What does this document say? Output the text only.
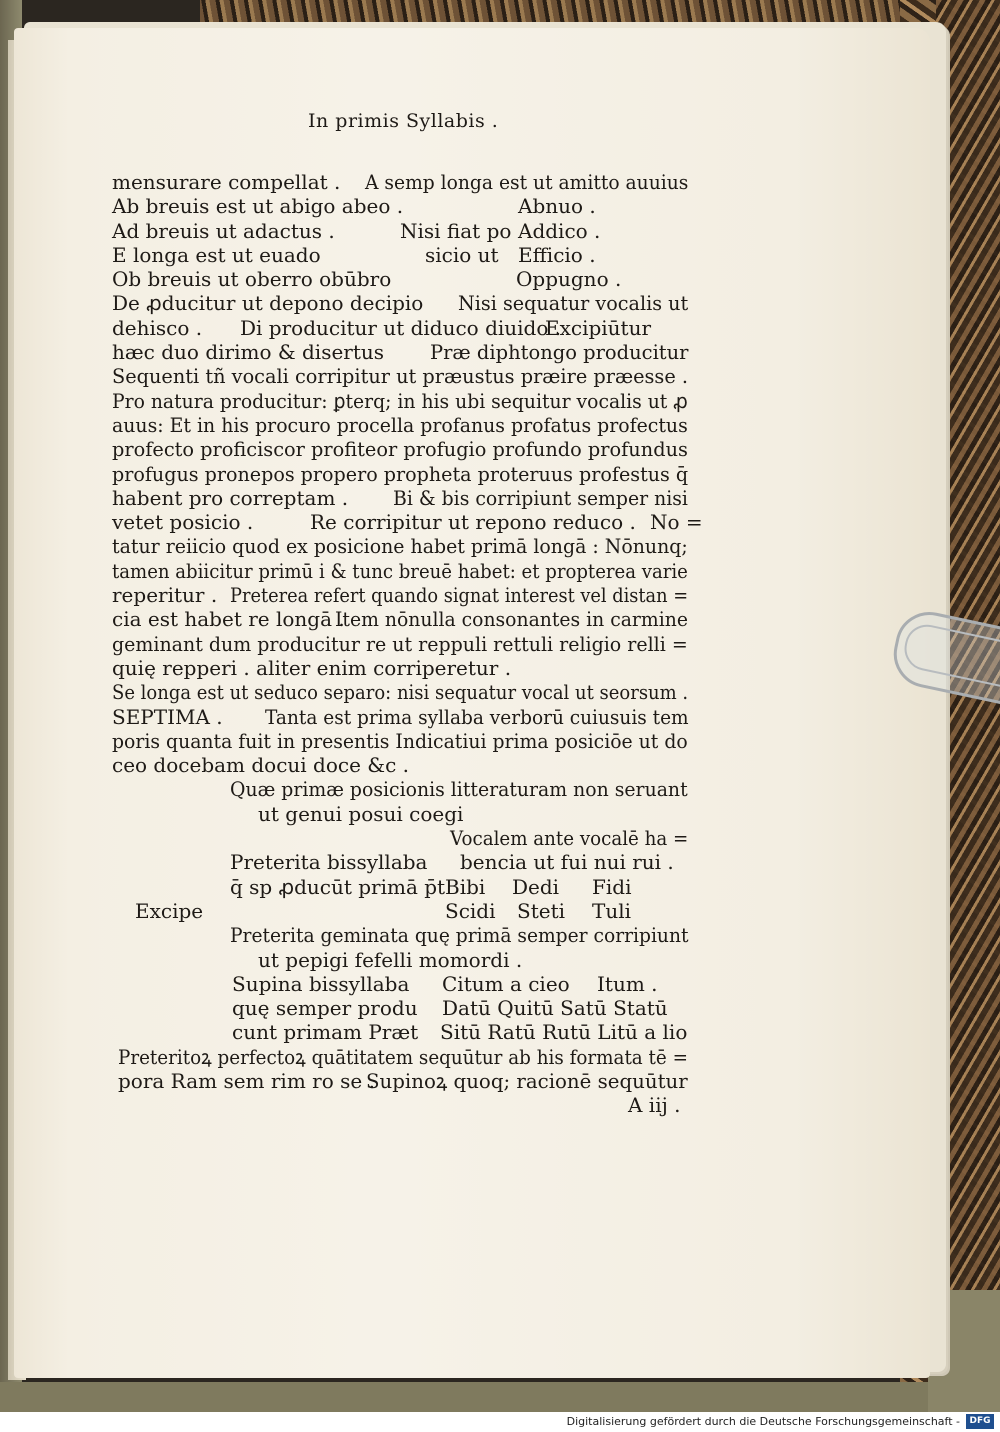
In primis Syllabis .
mensurare compellat . A semp longa est ut amitto auuius
Ab breuis est ut abigo abeo .	Abnuo .
Ad breuis ut adactus .	Nisi fiat po Addico .
E longa est ut euado	sicio ut Efficio .
Ob breuis ut oberro obūbro	Oppugno .
De ꝓducitur ut depono decipio Nisi sequatur vocalis ut
dehisco . Di producitur ut diduco diuido .
Excipiūtur
hæc duo dirimo & disertus Præ diphtongo producitur
Sequenti tñ vocali corripitur ut præustus præire præesse .
Pro natura producitur: ꝑterq; in his ubi sequitur vocalis ut ꝓ
auus: Et in his procuro procella profanus profatus profectus
profecto proficiscor profiteor profugio profundo profundus
profugus pronepos propero propheta proteruus profestus q̄
habent pro correptam . Bi & bis corripiunt semper nisi
vetet posicio .	Re corripitur ut repono reduco . No =
tatur reiicio quod ex posicione habet primā longā : Nōnunq;
tamen abiicitur primū i & tunc breuē habet: et propterea varie
reperitur . Preterea refert quando signat interest vel distan =
cia est habet re longā .
Item nōnulla consonantes in carmine
geminant dum producitur re ut reppuli rettuli religio relli =
quię repperi . aliter enim corriperetur .
Se longa est ut seduco separo: nisi sequatur vocal ut seorsum .
SEPTIMA . Tanta est prima syllaba verborū cuiusuis tem
poris quanta fuit in presentis Indicatiui prima posiciōe ut do
ceo docebam docui doce &c .
Quæ primæ posicionis litteraturam non seruant
ut genui posui coegi
Vocalem ante vocalē ha =
Preterita bissyllaba bencia ut fui nui rui .
q̄ sp ꝓducūt primā p̄t Bibi Dedi Fidi
Excipe	Scidi Steti Tuli
Preterita geminata quę primā semper corripiunt
ut pepigi fefelli momordi .
Supina bissyllaba Citum a cieo Itum .
quę semper produ Datū Quitū Satū Statū
cunt primam Præt Sitū Ratū Rutū Litū a lio
Preteritoꝝ perfectoꝝ quātitatem sequūtur ab his formata tē =
pora Ram sem rim ro se .
Supinoꝝ quoq; racionē sequūtur
A iij .
Digitalisierung gefördert durch die Deutsche Forschungsgemeinschaft -	DFG
